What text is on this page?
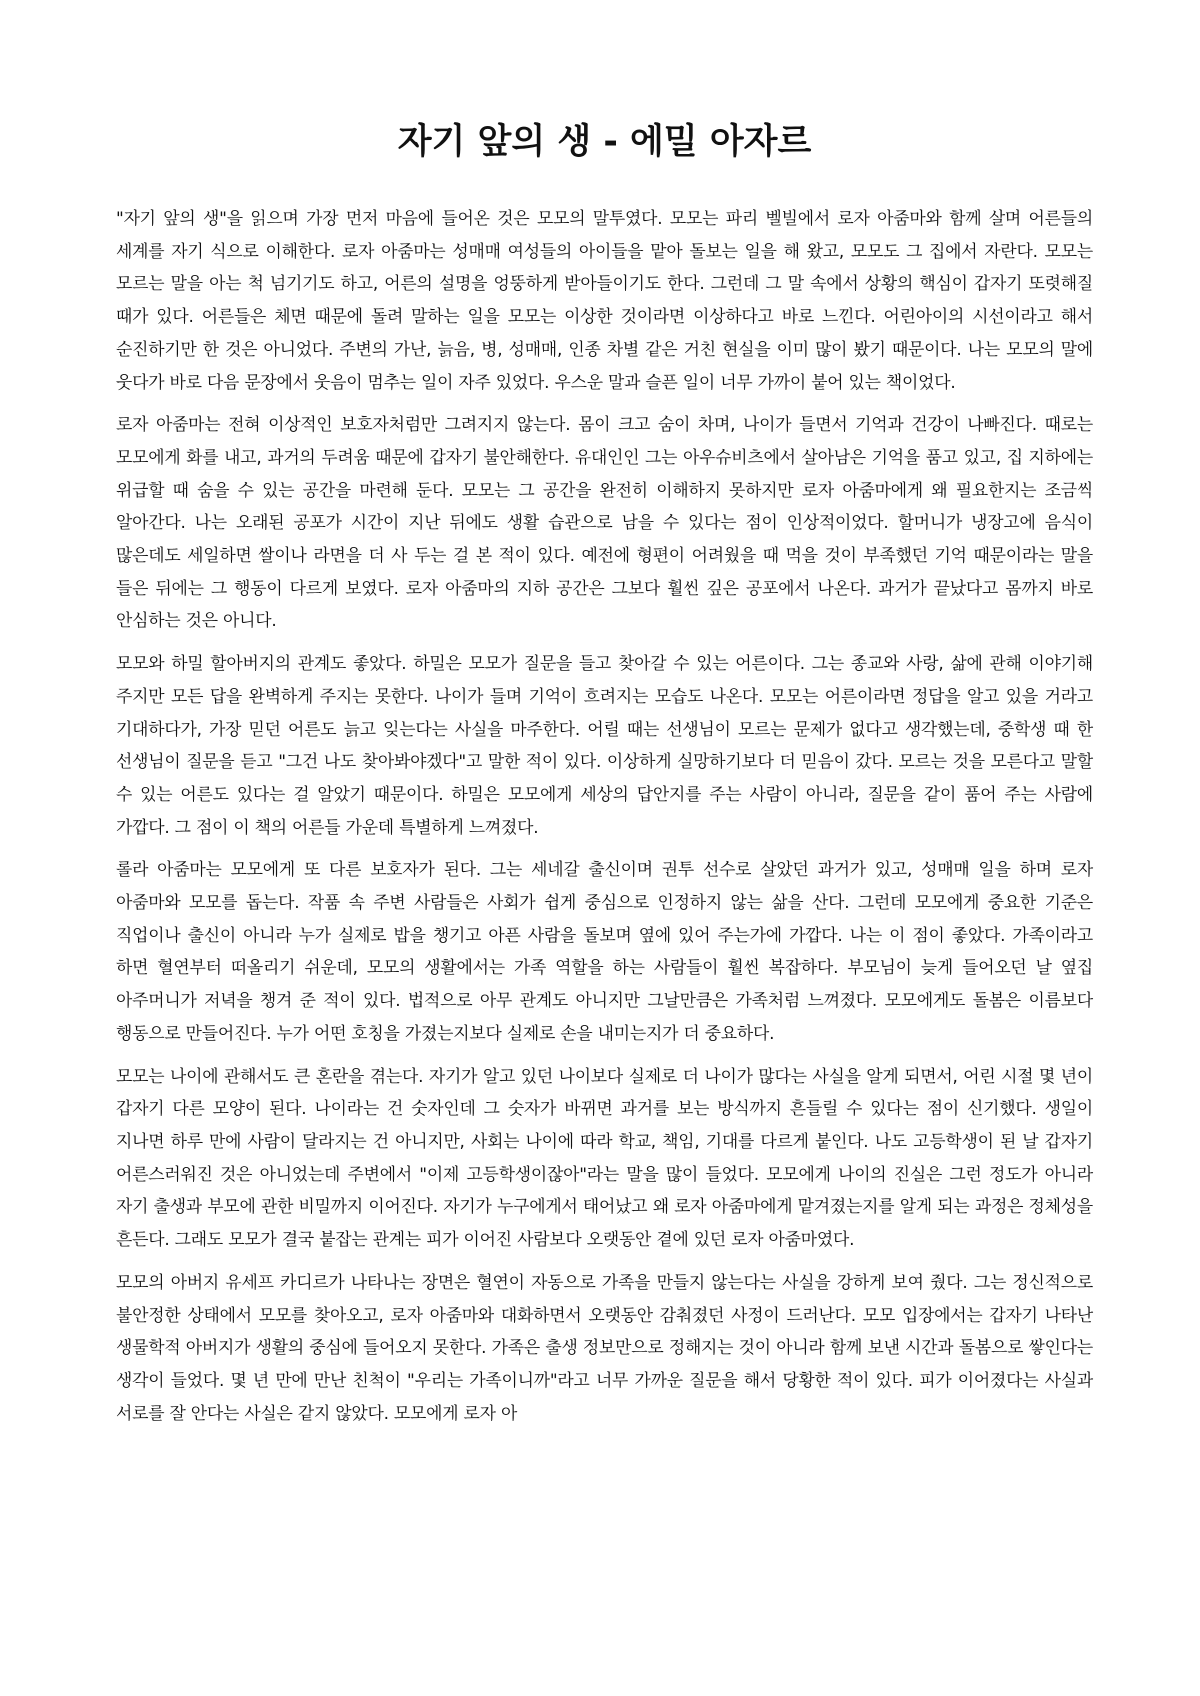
자기 앞의 생 - 에밀 아자르

"자기 앞의 생"을 읽으며 가장 먼저 마음에 들어온 것은 모모의 말투였다. 모모는 파리 벨빌에서 로자 아줌마와 함께 살며 어른들의 세계를 자기 식으로 이해한다. 로자 아줌마는 성매매 여성들의 아이들을 맡아 돌보는 일을 해 왔고, 모모도 그 집에서 자란다. 모모는 모르는 말을 아는 척 넘기기도 하고, 어른의 설명을 엉뚱하게 받아들이기도 한다. 그런데 그 말 속에서 상황의 핵심이 갑자기 또렷해질 때가 있다. 어른들은 체면 때문에 돌려 말하는 일을 모모는 이상한 것이라면 이상하다고 바로 느낀다. 어린아이의 시선이라고 해서 순진하기만 한 것은 아니었다. 주변의 가난, 늙음, 병, 성매매, 인종 차별 같은 거친 현실을 이미 많이 봤기 때문이다. 나는 모모의 말에 웃다가 바로 다음 문장에서 웃음이 멈추는 일이 자주 있었다. 우스운 말과 슬픈 일이 너무 가까이 붙어 있는 책이었다.

로자 아줌마는 전혀 이상적인 보호자처럼만 그려지지 않는다. 몸이 크고 숨이 차며, 나이가 들면서 기억과 건강이 나빠진다. 때로는 모모에게 화를 내고, 과거의 두려움 때문에 갑자기 불안해한다. 유대인인 그는 아우슈비츠에서 살아남은 기억을 품고 있고, 집 지하에는 위급할 때 숨을 수 있는 공간을 마련해 둔다. 모모는 그 공간을 완전히 이해하지 못하지만 로자 아줌마에게 왜 필요한지는 조금씩 알아간다. 나는 오래된 공포가 시간이 지난 뒤에도 생활 습관으로 남을 수 있다는 점이 인상적이었다. 할머니가 냉장고에 음식이 많은데도 세일하면 쌀이나 라면을 더 사 두는 걸 본 적이 있다. 예전에 형편이 어려웠을 때 먹을 것이 부족했던 기억 때문이라는 말을 들은 뒤에는 그 행동이 다르게 보였다. 로자 아줌마의 지하 공간은 그보다 훨씬 깊은 공포에서 나온다. 과거가 끝났다고 몸까지 바로 안심하는 것은 아니다.

모모와 하밀 할아버지의 관계도 좋았다. 하밀은 모모가 질문을 들고 찾아갈 수 있는 어른이다. 그는 종교와 사랑, 삶에 관해 이야기해 주지만 모든 답을 완벽하게 주지는 못한다. 나이가 들며 기억이 흐려지는 모습도 나온다. 모모는 어른이라면 정답을 알고 있을 거라고 기대하다가, 가장 믿던 어른도 늙고 잊는다는 사실을 마주한다. 어릴 때는 선생님이 모르는 문제가 없다고 생각했는데, 중학생 때 한 선생님이 질문을 듣고 "그건 나도 찾아봐야겠다"고 말한 적이 있다. 이상하게 실망하기보다 더 믿음이 갔다. 모르는 것을 모른다고 말할 수 있는 어른도 있다는 걸 알았기 때문이다. 하밀은 모모에게 세상의 답안지를 주는 사람이 아니라, 질문을 같이 품어 주는 사람에 가깝다. 그 점이 이 책의 어른들 가운데 특별하게 느껴졌다.

롤라 아줌마는 모모에게 또 다른 보호자가 된다. 그는 세네갈 출신이며 권투 선수로 살았던 과거가 있고, 성매매 일을 하며 로자 아줌마와 모모를 돕는다. 작품 속 주변 사람들은 사회가 쉽게 중심으로 인정하지 않는 삶을 산다. 그런데 모모에게 중요한 기준은 직업이나 출신이 아니라 누가 실제로 밥을 챙기고 아픈 사람을 돌보며 옆에 있어 주는가에 가깝다. 나는 이 점이 좋았다. 가족이라고 하면 혈연부터 떠올리기 쉬운데, 모모의 생활에서는 가족 역할을 하는 사람들이 훨씬 복잡하다. 부모님이 늦게 들어오던 날 옆집 아주머니가 저녁을 챙겨 준 적이 있다. 법적으로 아무 관계도 아니지만 그날만큼은 가족처럼 느껴졌다. 모모에게도 돌봄은 이름보다 행동으로 만들어진다. 누가 어떤 호칭을 가졌는지보다 실제로 손을 내미는지가 더 중요하다.

모모는 나이에 관해서도 큰 혼란을 겪는다. 자기가 알고 있던 나이보다 실제로 더 나이가 많다는 사실을 알게 되면서, 어린 시절 몇 년이 갑자기 다른 모양이 된다. 나이라는 건 숫자인데 그 숫자가 바뀌면 과거를 보는 방식까지 흔들릴 수 있다는 점이 신기했다. 생일이 지나면 하루 만에 사람이 달라지는 건 아니지만, 사회는 나이에 따라 학교, 책임, 기대를 다르게 붙인다. 나도 고등학생이 된 날 갑자기 어른스러워진 것은 아니었는데 주변에서 "이제 고등학생이잖아"라는 말을 많이 들었다. 모모에게 나이의 진실은 그런 정도가 아니라 자기 출생과 부모에 관한 비밀까지 이어진다. 자기가 누구에게서 태어났고 왜 로자 아줌마에게 맡겨졌는지를 알게 되는 과정은 정체성을 흔든다. 그래도 모모가 결국 붙잡는 관계는 피가 이어진 사람보다 오랫동안 곁에 있던 로자 아줌마였다.

모모의 아버지 유세프 카디르가 나타나는 장면은 혈연이 자동으로 가족을 만들지 않는다는 사실을 강하게 보여 줬다. 그는 정신적으로 불안정한 상태에서 모모를 찾아오고, 로자 아줌마와 대화하면서 오랫동안 감춰졌던 사정이 드러난다. 모모 입장에서는 갑자기 나타난 생물학적 아버지가 생활의 중심에 들어오지 못한다. 가족은 출생 정보만으로 정해지는 것이 아니라 함께 보낸 시간과 돌봄으로 쌓인다는 생각이 들었다. 몇 년 만에 만난 친척이 "우리는 가족이니까"라고 너무 가까운 질문을 해서 당황한 적이 있다. 피가 이어졌다는 사실과 서로를 잘 안다는 사실은 같지 않았다. 모모에게 로자 아
